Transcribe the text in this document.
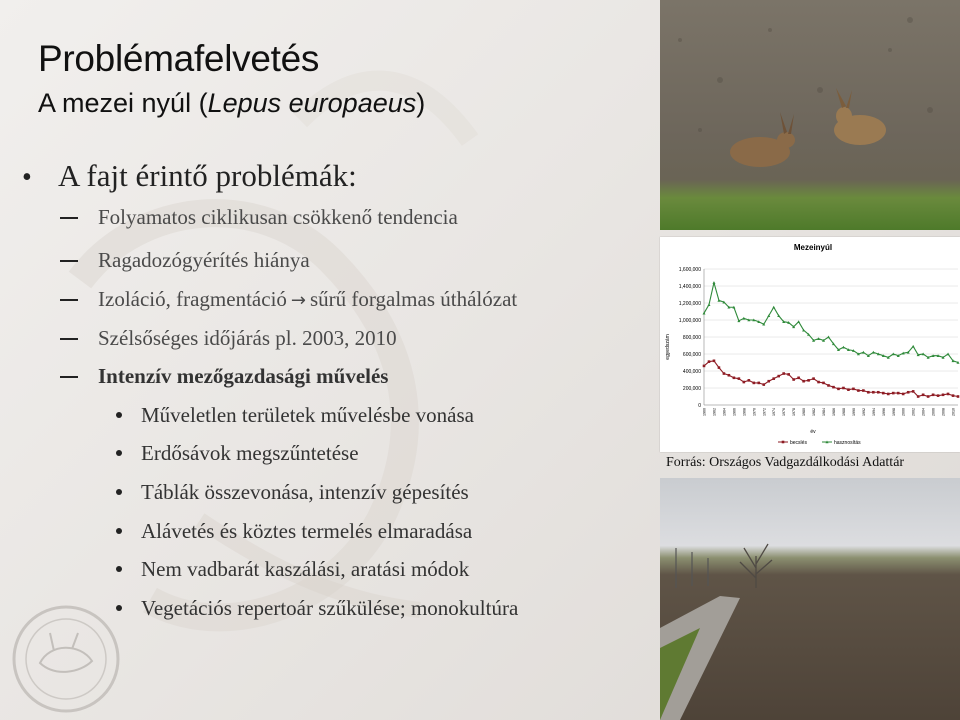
Problémafelvetés
A mezei nyúl (Lepus europaeus)
• A fajt érintő problémák:
Folyamatos ciklikusan csökkenő tendencia
Ragadozógyérítés hiánya
Izoláció, fragmentáció → sűrű forgalmas úthálózat
Szélsőséges időjárás pl. 2003, 2010
Intenzív mezőgazdasági művelés
Műveletlen területek művelésbe vonása
Erdősávok megszűntetése
Táblák összevonása, intenzív gépesítés
Alávetés és köztes termelés elmaradása
Nem vadbarát kaszálási, aratási módok
Vegetációs repertoár szűkülése; monokultúra
Mezeinyúl
1,600,000
1,400,000
1,200,000
1,000,000
800,000
600,000
400,000
200,000
0
egyedszám
1960 1962 1964 1966 1968 1970 1972 1974 1976 1978 1980 1982 1984 1986 1988 1990 1992 1994 1996 1998 2000 2002 2004 2006 2008 2010
év
becslés	hasznosítás
Forrás: Országos Vadgazdálkodási Adattár
